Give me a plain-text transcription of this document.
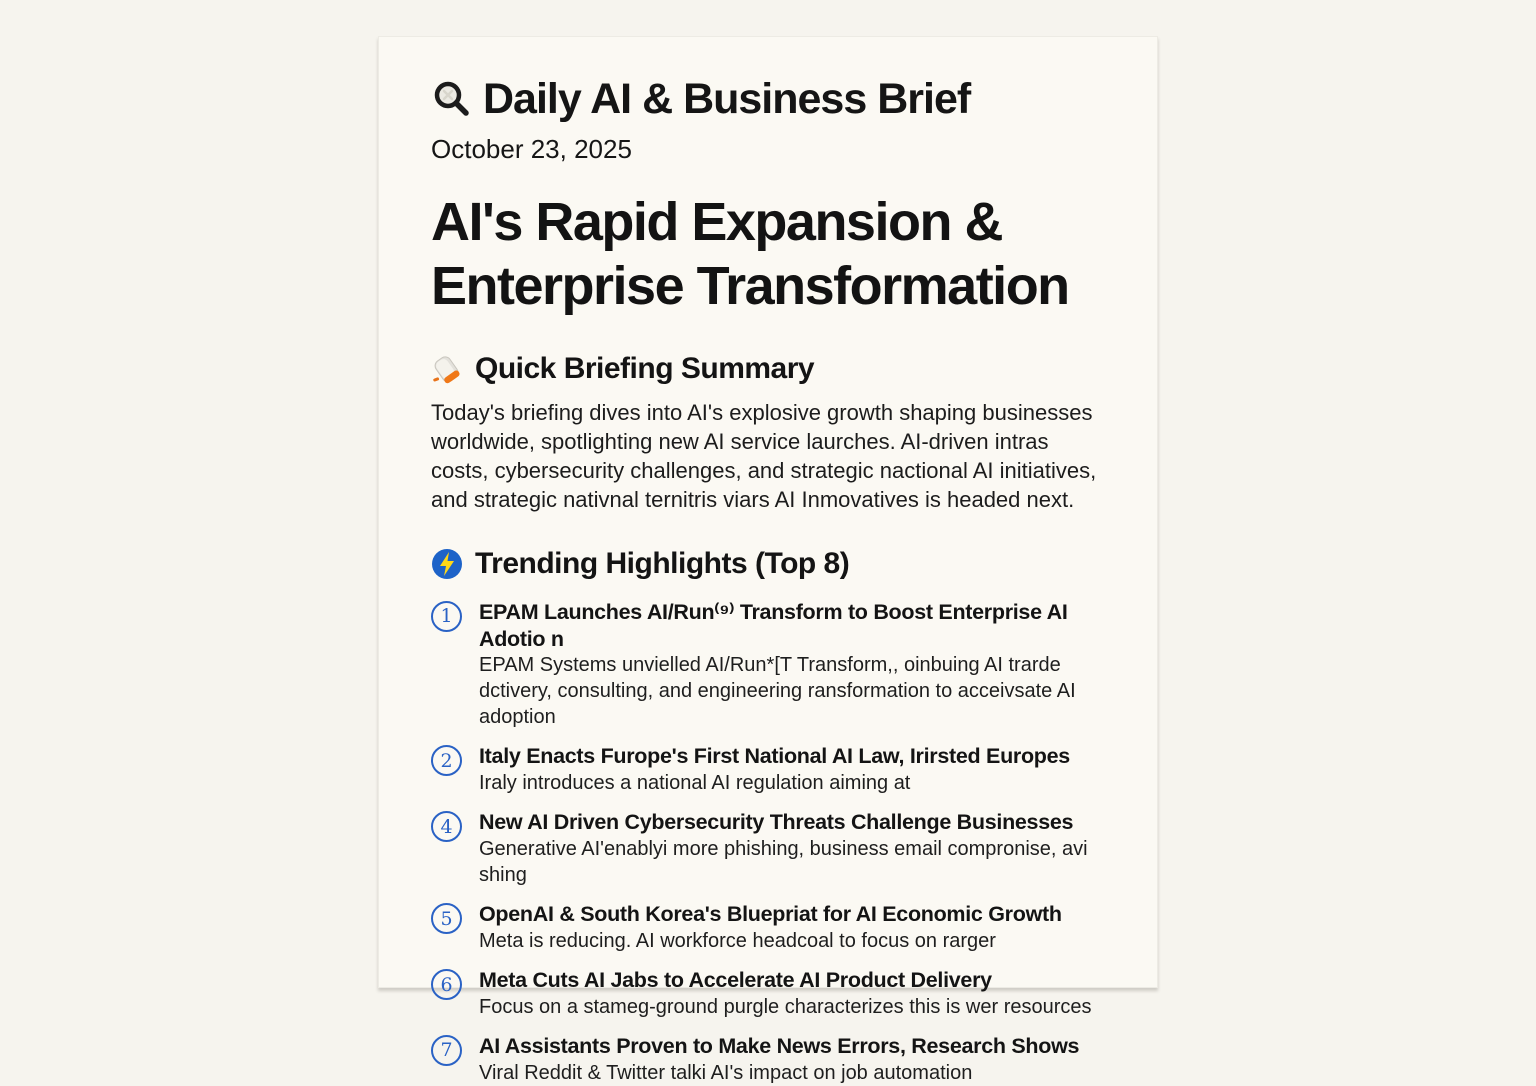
Daily AI & Business Brief
October 23, 2025
AI's Rapid Expansion &
Enterprise Transformation
Quick Briefing Summary

Today's briefing dives into AI's explosive growth shaping businesses worldwide, spotlighting new AI service laurches. AI-driven intras costs, cybersecurity challenges, and strategic nactional AI initiatives, and strategic nativnal ternitris viars AI Inmovatives is headed next.

Trending Highlights (Top 8)
1	EPAM Launches AI/Run⁽⁹⁾ Transform to Boost Enterprise AI Adotio n
EPAM Systems unvielled AI/Run*[T Transform,, oinbuing AI trarde dctivery, consulting, and engineering ransformation to acceivsate AI adoption
2	Italy Enacts Furope's First National AI Law, Irirsted Europes
Iraly introduces a national AI regulation aiming at
4	New AI Driven Cybersecurity Threats Challenge Businesses
Generative AI'enablyi more phishing, business email compronise, avi shing
5	OpenAI & South Korea's Bluepriat for AI Economic Growth
Meta is reducing. AI workforce headcoal to focus on rarger
6	Meta Cuts AI Jabs to Accelerate AI Product Delivery
Focus on a stameg-ground purgle characterizes this is wer resources
7	AI Assistants Proven to Make News Errors, Research Shows
Viral Reddit & Twitter talki AI's impact on job automation
